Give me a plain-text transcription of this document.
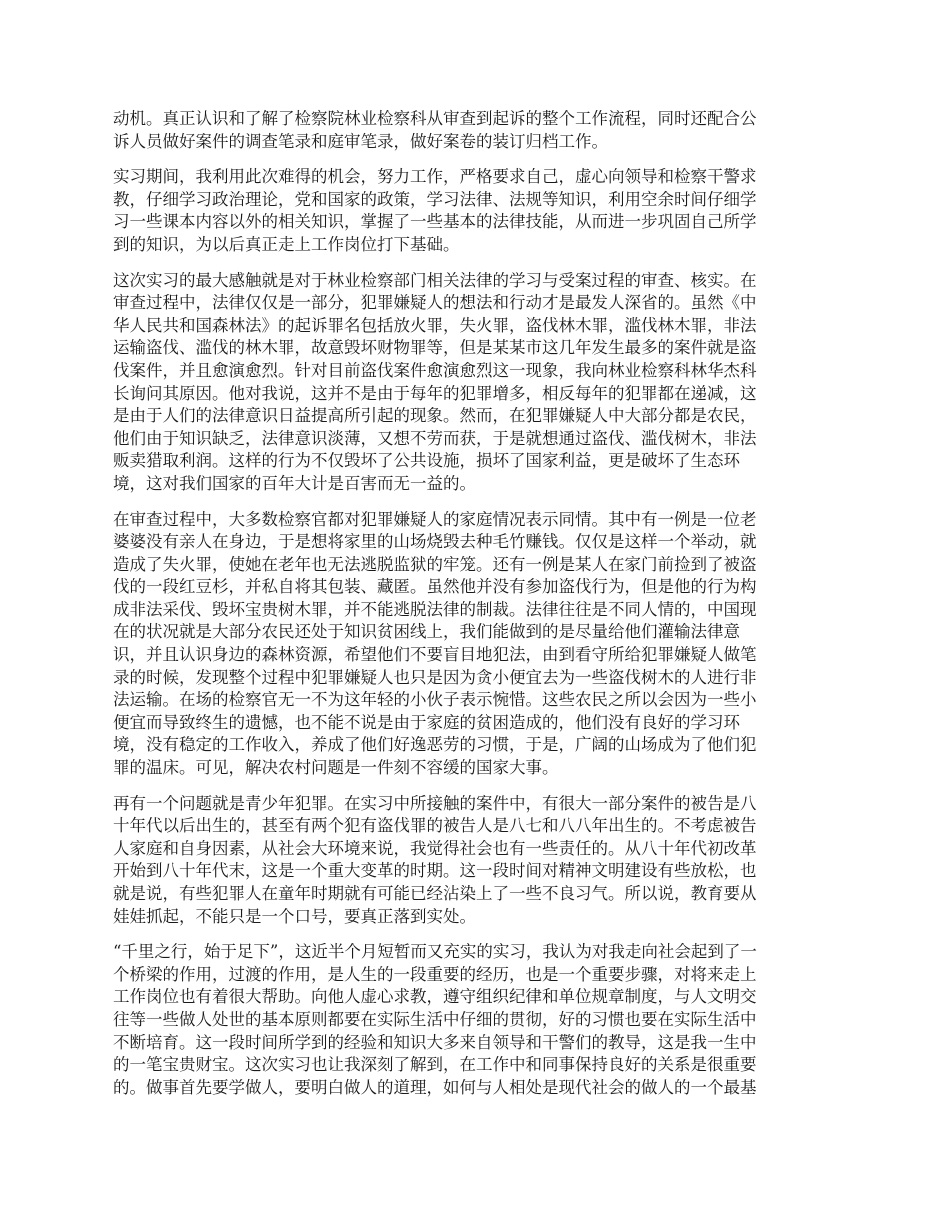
动机。真正认识和了解了检察院林业检察科从审查到起诉的整个工作流程，同时还配合公
诉人员做好案件的调查笔录和庭审笔录，做好案卷的装订归档工作。

实习期间，我利用此次难得的机会，努力工作，严格要求自己，虚心向领导和检察干警求
教，仔细学习政治理论，党和国家的政策，学习法律、法规等知识，利用空余时间仔细学
习一些课本内容以外的相关知识，掌握了一些基本的法律技能，从而进一步巩固自己所学
到的知识，为以后真正走上工作岗位打下基础。

这次实习的最大感触就是对于林业检察部门相关法律的学习与受案过程的审查、核实。在
审查过程中，法律仅仅是一部分，犯罪嫌疑人的想法和行动才是最发人深省的。虽然《中
华人民共和国森林法》的起诉罪名包括放火罪，失火罪，盗伐林木罪，滥伐林木罪，非法
运输盗伐、滥伐的林木罪，故意毁坏财物罪等，但是某某市这几年发生最多的案件就是盗
伐案件，并且愈演愈烈。针对目前盗伐案件愈演愈烈这一现象，我向林业检察科林华杰科
长询问其原因。他对我说，这并不是由于每年的犯罪增多，相反每年的犯罪都在递减，这
是由于人们的法律意识日益提高所引起的现象。然而，在犯罪嫌疑人中大部分都是农民，
他们由于知识缺乏，法律意识淡薄，又想不劳而获，于是就想通过盗伐、滥伐树木，非法
贩卖猎取利润。这样的行为不仅毁坏了公共设施，损坏了国家利益，更是破坏了生态环
境，这对我们国家的百年大计是百害而无一益的。

在审查过程中，大多数检察官都对犯罪嫌疑人的家庭情况表示同情。其中有一例是一位老
婆婆没有亲人在身边，于是想将家里的山场烧毁去种毛竹赚钱。仅仅是这样一个举动，就
造成了失火罪，使她在老年也无法逃脱监狱的牢笼。还有一例是某人在家门前捡到了被盗
伐的一段红豆杉，并私自将其包装、藏匿。虽然他并没有参加盗伐行为，但是他的行为构
成非法采伐、毁坏宝贵树木罪，并不能逃脱法律的制裁。法律往往是不同人情的，中国现
在的状况就是大部分农民还处于知识贫困线上，我们能做到的是尽量给他们灌输法律意
识，并且认识身边的森林资源，希望他们不要盲目地犯法，由到看守所给犯罪嫌疑人做笔
录的时候，发现整个过程中犯罪嫌疑人也只是因为贪小便宜去为一些盗伐树木的人进行非
法运输。在场的检察官无一不为这年轻的小伙子表示惋惜。这些农民之所以会因为一些小
便宜而导致终生的遗憾，也不能不说是由于家庭的贫困造成的，他们没有良好的学习环
境，没有稳定的工作收入，养成了他们好逸恶劳的习惯，于是，广阔的山场成为了他们犯
罪的温床。可见，解决农村问题是一件刻不容缓的国家大事。

再有一个问题就是青少年犯罪。在实习中所接触的案件中，有很大一部分案件的被告是八
十年代以后出生的，甚至有两个犯有盗伐罪的被告人是八七和八八年出生的。不考虑被告
人家庭和自身因素，从社会大环境来说，我觉得社会也有一些责任的。从八十年代初改革
开始到八十年代末，这是一个重大变革的时期。这一段时间对精神文明建设有些放松，也
就是说，有些犯罪人在童年时期就有可能已经沾染上了一些不良习气。所以说，教育要从
娃娃抓起，不能只是一个口号，要真正落到实处。

“千里之行，始于足下”，这近半个月短暂而又充实的实习，我认为对我走向社会起到了一
个桥梁的作用，过渡的作用，是人生的一段重要的经历，也是一个重要步骤，对将来走上
工作岗位也有着很大帮助。向他人虚心求教，遵守组织纪律和单位规章制度，与人文明交
往等一些做人处世的基本原则都要在实际生活中仔细的贯彻，好的习惯也要在实际生活中
不断培育。这一段时间所学到的经验和知识大多来自领导和干警们的教导，这是我一生中
的一笔宝贵财宝。这次实习也让我深刻了解到，在工作中和同事保持良好的关系是很重要
的。做事首先要学做人，要明白做人的道理，如何与人相处是现代社会的做人的一个最基
